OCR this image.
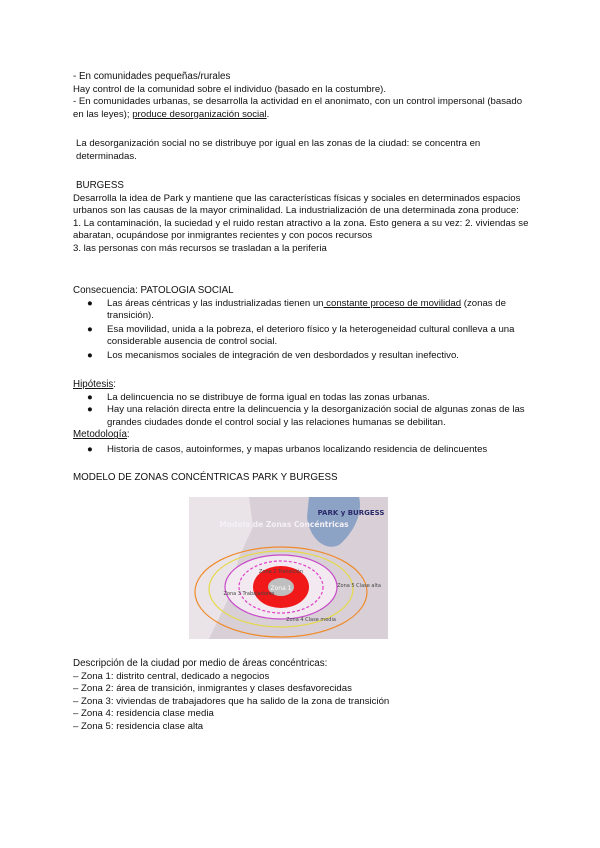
- En comunidades pequeñas/rurales

Hay control de la comunidad sobre el individuo (basado en la costumbre).

- En comunidades urbanas, se desarrolla la actividad en el anonimato, con un control impersonal (basado en las leyes); produce desorganización social.

La desorganización social no se distribuye por igual en las zonas de la ciudad: se concentra en determinadas.

BURGESS

Desarrolla la idea de Park y mantiene que las características físicas y sociales en determinados espacios urbanos son las causas de la mayor criminalidad. La industrialización de una determinada zona produce:

1. La contaminación, la suciedad y el ruido restan atractivo a la zona. Esto genera a su vez: 2. viviendas se abaratan, ocupándose por inmigrantes recientes y con pocos recursos

3. las personas con más recursos se trasladan a la periferia

Consecuencia: PATOLOGIA SOCIAL

● Las áreas céntricas y las industrializadas tienen un constante proceso de movilidad (zonas de transición).
● Esa movilidad, unida a la pobreza, el deterioro físico y la heterogeneidad cultural conlleva a una considerable ausencia de control social.
● Los mecanismos sociales de integración de ven desbordados y resultan inefectivo.

Hipótesis:

● La delincuencia no se distribuye de forma igual en todas las zonas urbanas.
● Hay una relación directa entre la delincuencia y la desorganización social de algunas zonas de las grandes ciudades donde el control social y las relaciones humanas se debilitan.

Metodología:

● Historia de casos, autoinformes, y mapas urbanos localizando residencia de delincuentes

MODELO DE ZONAS CONCÉNTRICAS PARK Y BURGESS

PARK y BURGESS
Modelo de Zonas Concéntricas
Zona 1
Zona 2 Transición
Zona 3 Trabajadores
Zona 4 Clase media
Zona 5 Clase alta

Descripción de la ciudad por medio de áreas concéntricas:

– Zona 1: distrito central, dedicado a negocios

– Zona 2: área de transición, inmigrantes y clases desfavorecidas

– Zona 3: viviendas de trabajadores que ha salido de la zona de transición

– Zona 4: residencia clase media

– Zona 5: residencia clase alta
